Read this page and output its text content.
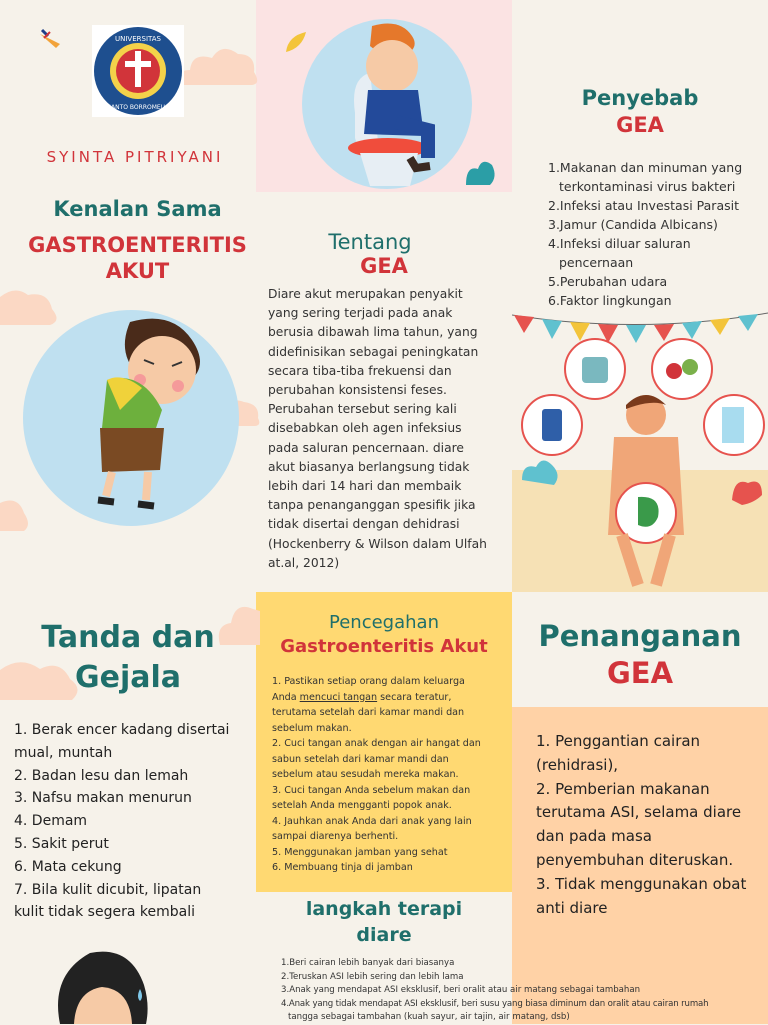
UNIVERSITAS
SANTO BORROMEUS
SYINTA PITRIYANI
Kenalan Sama
GASTROENTERITIS
AKUT
Tentang
GEA
Diare akut merupakan penyakit
yang sering terjadi pada anak
berusia dibawah lima tahun, yang
didefinisikan sebagai peningkatan
secara tiba-tiba frekuensi dan
perubahan konsistensi feses.
Perubahan tersebut sering kali
disebabkan oleh agen infeksius
pada saluran pencernaan. diare
akut biasanya berlangsung tidak
lebih dari 14 hari dan membaik
tanpa penanganggan spesifik jika
tidak disertai dengan dehidrasi
(Hockenberry & Wilson dalam Ulfah
at.al, 2012)
Penyebab
GEA
1.Makanan dan minuman yang
terkontaminasi virus bakteri
2.Infeksi atau Investasi Parasit
3.Jamur (Candida Albicans)
4.Infeksi diluar saluran
pencernaan
5.Perubahan udara
6.Faktor lingkungan
Tanda dan
Gejala
1. Berak encer kadang disertai
mual, muntah
2. Badan lesu dan lemah
3. Nafsu makan menurun
4. Demam
5. Sakit perut
6. Mata cekung
7. Bila kulit dicubit, lipatan
kulit tidak segera kembali
Pencegahan
Gastroenteritis Akut
1. Pastikan setiap orang dalam keluarga
Anda mencuci tangan secara teratur,
terutama setelah dari kamar mandi dan
sebelum makan.
2. Cuci tangan anak dengan air hangat dan
sabun setelah dari kamar mandi dan
sebelum atau sesudah mereka makan.
3. Cuci tangan Anda sebelum makan dan
setelah Anda mengganti popok anak.
4. Jauhkan anak Anda dari anak yang lain
sampai diarenya berhenti.
5. Menggunakan jamban yang sehat
6. Membuang tinja di jamban
langkah terapi
diare
1.Beri cairan lebih banyak dari biasanya
2.Teruskan ASI lebih sering dan lebih lama
3.Anak yang mendapat ASI eksklusif, beri oralit atau air matang sebagai tambahan
4.Anak yang tidak mendapat ASI eksklusif, beri susu yang biasa diminum dan oralit atau cairan rumah
tangga sebagai tambahan (kuah sayur, air tajin, air matang, dsb)
Penanganan
GEA
1. Penggantian cairan
(rehidrasi),
2. Pemberian makanan
terutama ASI, selama diare
dan pada masa
penyembuhan diteruskan.
3. Tidak menggunakan obat
anti diare
